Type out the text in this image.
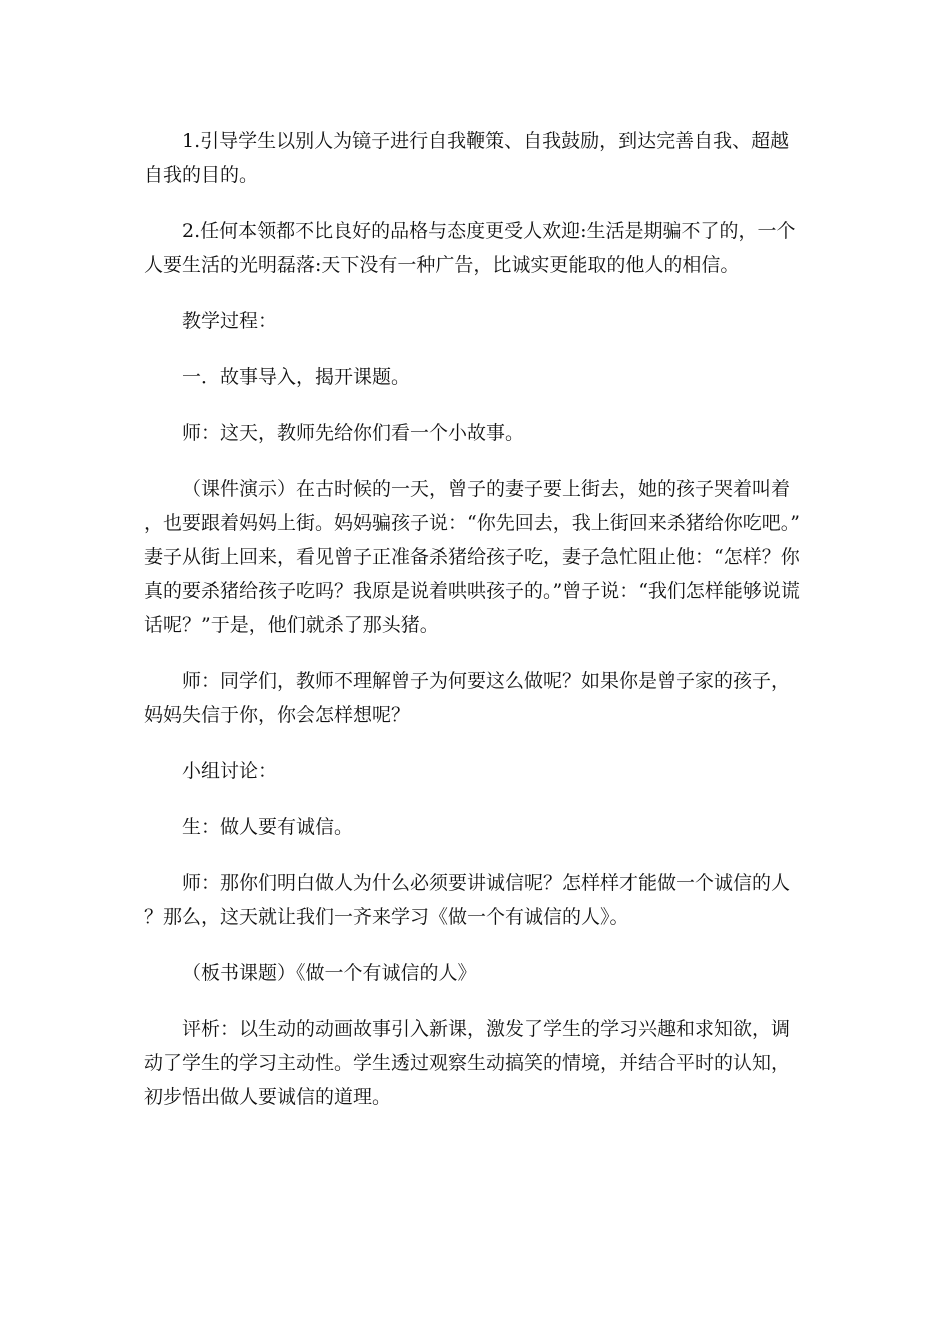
1.引导学生以别人为镜子进行自我鞭策、自我鼓励，到达完善自我、超越自我的目的。

2.任何本领都不比良好的品格与态度更受人欢迎:生活是期骗不了的，一个人要生活的光明磊落:天下没有一种广告，比诚实更能取的他人的相信。

教学过程：

一．故事导入，揭开课题。

师：这天，教师先给你们看一个小故事。

（课件演示）在古时候的一天，曾子的妻子要上街去，她的孩子哭着叫着，也要跟着妈妈上街。妈妈骗孩子说：“你先回去，我上街回来杀猪给你吃吧。”妻子从街上回来，看见曾子正准备杀猪给孩子吃，妻子急忙阻止他：“怎样？你真的要杀猪给孩子吃吗？我原是说着哄哄孩子的。”曾子说：“我们怎样能够说谎话呢？”于是，他们就杀了那头猪。

师：同学们，教师不理解曾子为何要这么做呢？如果你是曾子家的孩子，妈妈失信于你，你会怎样想呢？

小组讨论：

生：做人要有诚信。

师：那你们明白做人为什么必须要讲诚信呢？怎样样才能做一个诚信的人？那么，这天就让我们一齐来学习《做一个有诚信的人》。

（板书课题）《做一个有诚信的人》

评析：以生动的动画故事引入新课，激发了学生的学习兴趣和求知欲，调动了学生的学习主动性。学生透过观察生动搞笑的情境，并结合平时的认知，初步悟出做人要诚信的道理。
